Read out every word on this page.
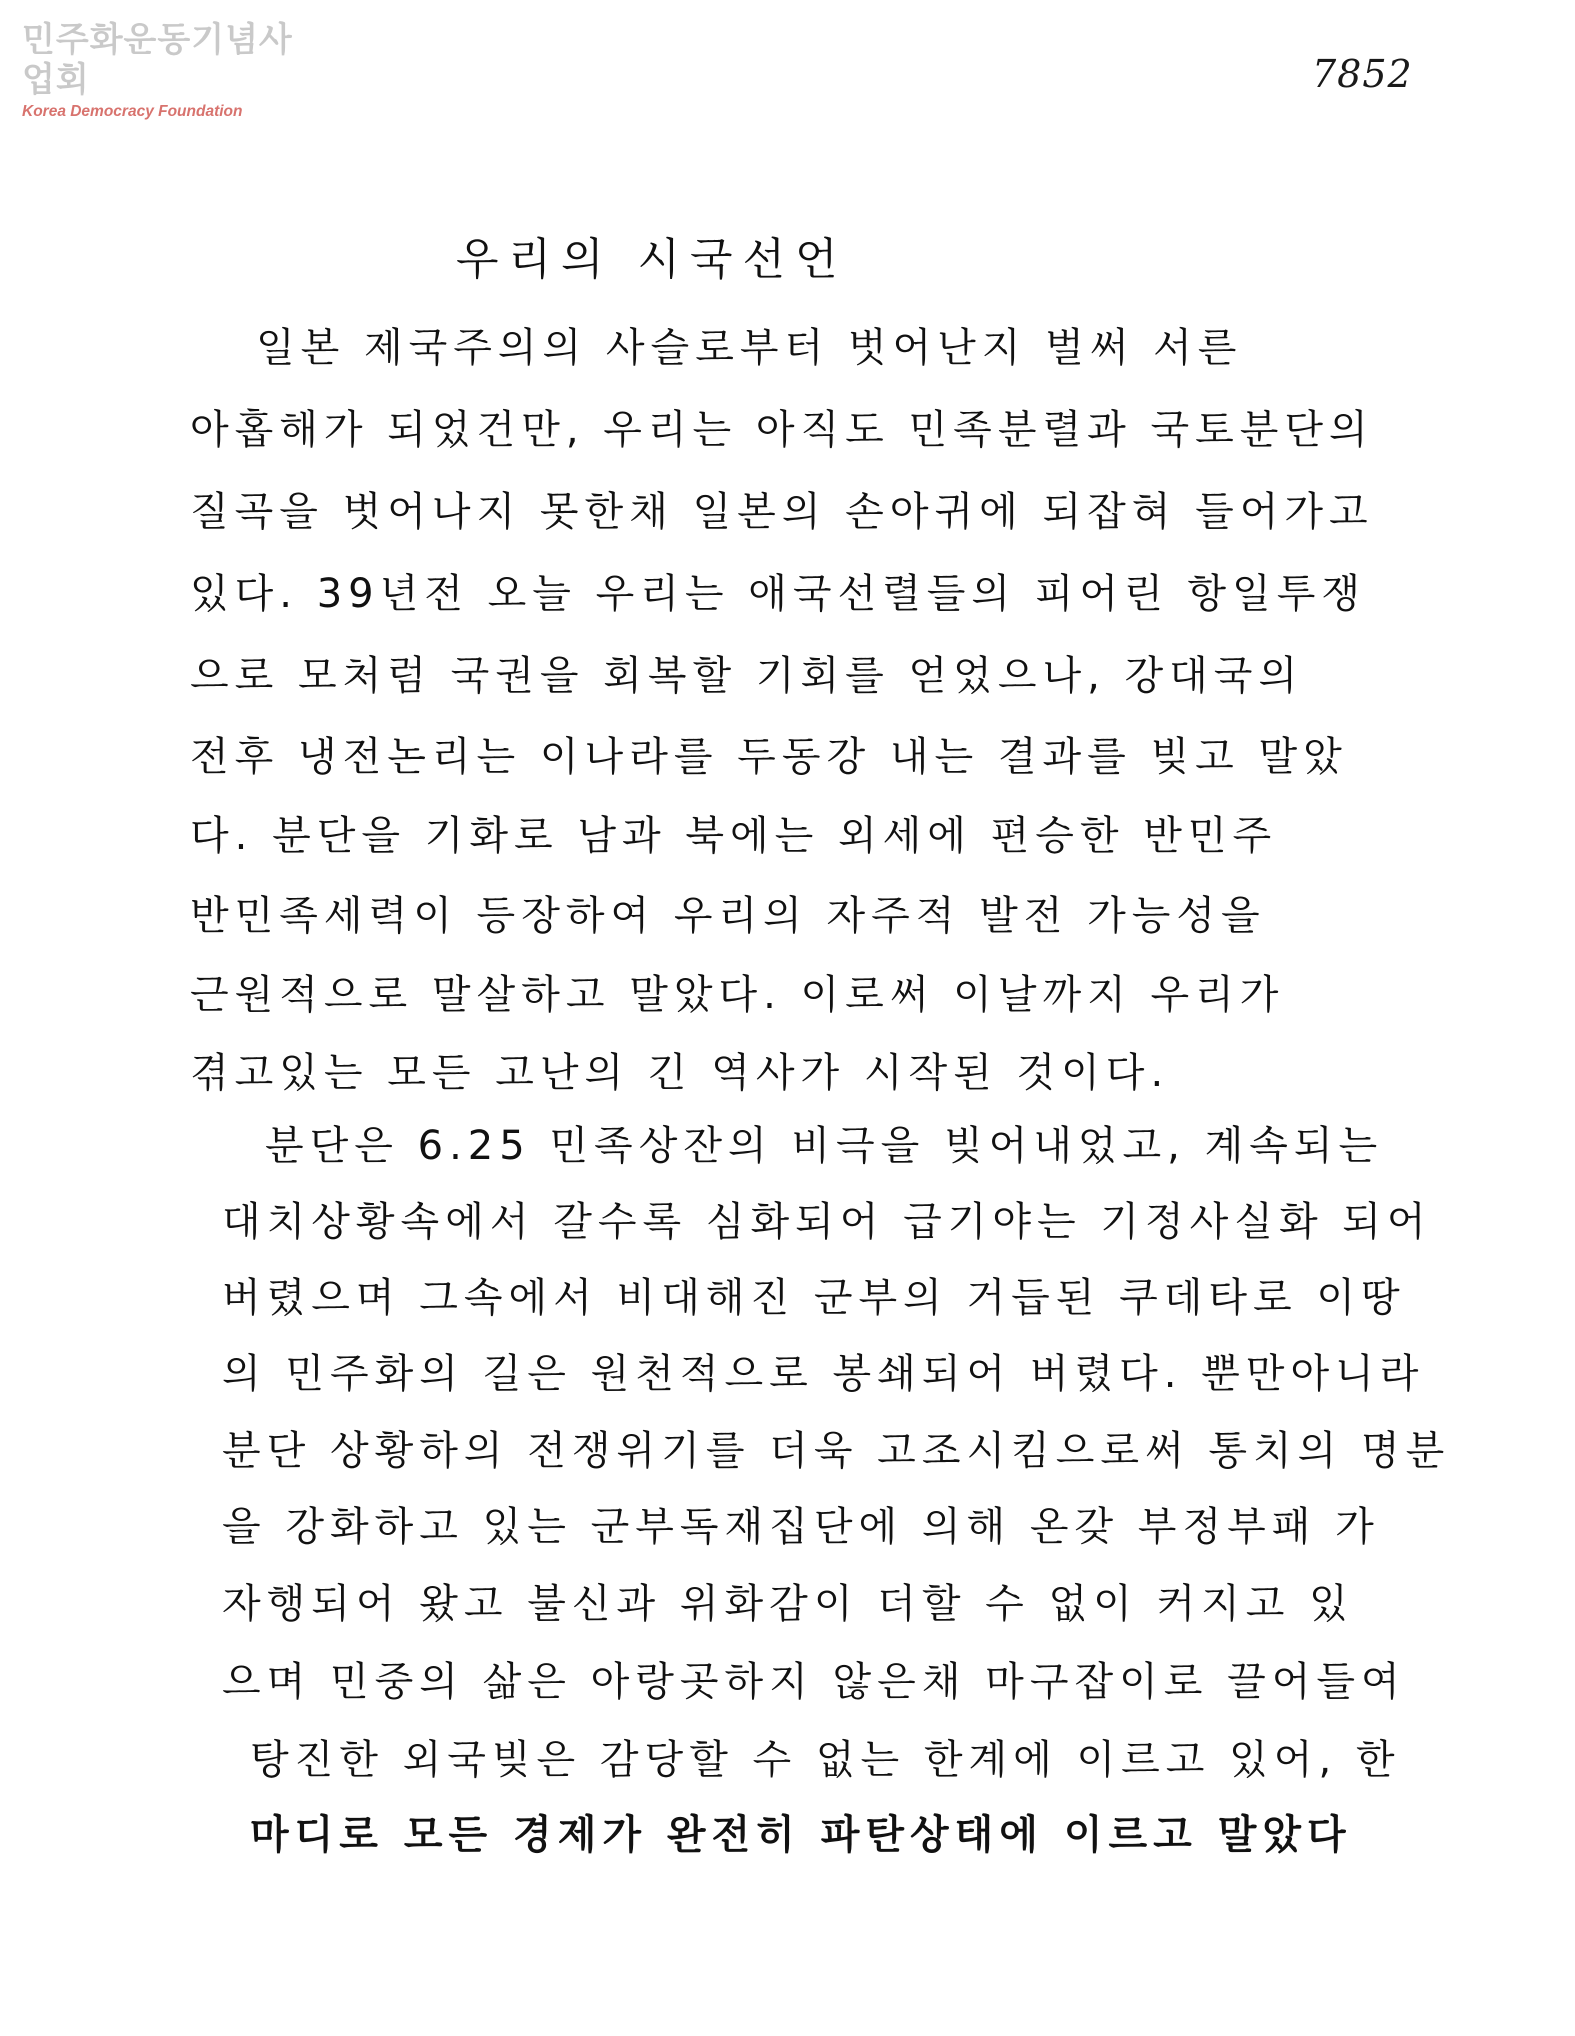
민주화운동기념사업회
Korea Democracy Foundation
7852
우리의 시국선언
일본 제국주의의 사슬로부터 벗어난지 벌써 서른
아홉해가 되었건만, 우리는 아직도 민족분렬과 국토분단의
질곡을 벗어나지 못한채 일본의 손아귀에 되잡혀 들어가고
있다. 39년전 오늘 우리는 애국선렬들의 피어린 항일투쟁
으로 모처럼 국권을 회복할 기회를 얻었으나, 강대국의
전후 냉전논리는 이나라를 두동강 내는 결과를 빚고 말았
다. 분단을 기화로 남과 북에는 외세에 편승한 반민주
반민족세력이 등장하여 우리의 자주적 발전 가능성을
근원적으로 말살하고 말았다. 이로써 이날까지 우리가
겪고있는 모든 고난의 긴 역사가 시작된 것이다.
분단은 6.25 민족상잔의 비극을 빚어내었고, 계속되는
대치상황속에서 갈수록 심화되어 급기야는 기정사실화 되어
버렸으며 그속에서 비대해진 군부의 거듭된 쿠데타로 이땅
의 민주화의 길은 원천적으로 봉쇄되어 버렸다. 뿐만아니라
분단 상황하의 전쟁위기를 더욱 고조시킴으로써 통치의 명분
을 강화하고 있는 군부독재집단에 의해 온갖 부정부패 가
자행되어 왔고 불신과 위화감이 더할 수 없이 커지고 있
으며 민중의 삶은 아랑곳하지 않은채 마구잡이로 끌어들여
탕진한 외국빚은 감당할 수 없는 한계에 이르고 있어, 한
마디로 모든 경제가 완전히 파탄상태에 이르고 말았다
